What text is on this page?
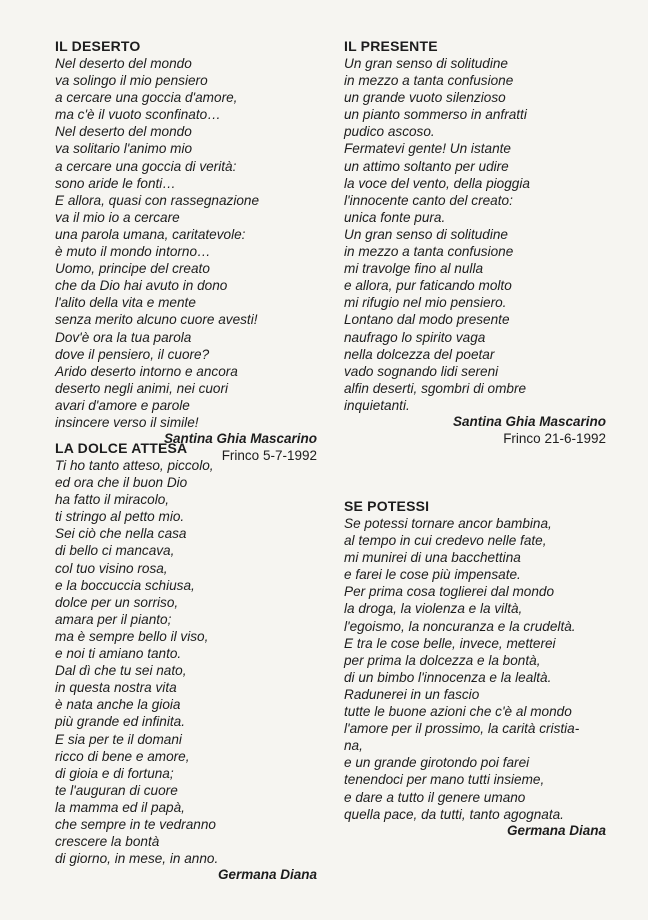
IL DESERTO
Nel deserto del mondo
va solingo il mio pensiero
a cercare una goccia d'amore,
ma c'è il vuoto sconfinato…
Nel deserto del mondo
va solitario l'animo mio
a cercare una goccia di verità:
sono aride le fonti…
E allora, quasi con rassegnazione
va il mio io a cercare
una parola umana, caritatevole:
è muto il mondo intorno…
Uomo, principe del creato
che da Dio hai avuto in dono
l'alito della vita e mente
senza merito alcuno cuore avesti!
Dov'è ora la tua parola
dove il pensiero, il cuore?
Arido deserto intorno e ancora
deserto negli animi, nei cuori
avari d'amore e parole
insincere verso il simile!
Santina Ghia Mascarino
Frinco 5-7-1992
LA DOLCE ATTESA
Ti ho tanto atteso, piccolo,
ed ora che il buon Dio
ha fatto il miracolo,
ti stringo al petto mio.
Sei ciò che nella casa
di bello ci mancava,
col tuo visino rosa,
e la boccuccia schiusa,
dolce per un sorriso,
amara per il pianto;
ma è sempre bello il viso,
e noi ti amiano tanto.
Dal dì che tu sei nato,
in questa nostra vita
è nata anche la gioia
più grande ed infinita.
E sia per te il domani
ricco di bene e amore,
di gioia e di fortuna;
te l'auguran di cuore
la mamma ed il papà,
che sempre in te vedranno
crescere la bontà
di giorno, in mese, in anno.
Germana Diana
IL PRESENTE
Un gran senso di solitudine
in mezzo a tanta confusione
un grande vuoto silenzioso
un pianto sommerso in anfratti
pudico ascoso.
Fermatevi gente! Un istante
un attimo soltanto per udire
la voce del vento, della pioggia
l'innocente canto del creato:
unica fonte pura.
Un gran senso di solitudine
in mezzo a tanta confusione
mi travolge fino al nulla
e allora, pur faticando molto
mi rifugio nel mio pensiero.
Lontano dal modo presente
naufrago lo spirito vaga
nella dolcezza del poetar
vado sognando lidi sereni
alfin deserti, sgombri di ombre
inquietanti.
Santina Ghia Mascarino
Frinco 21-6-1992
SE POTESSI
Se potessi tornare ancor bambina,
al tempo in cui credevo nelle fate,
mi munirei di una bacchettina
e farei le cose più impensate.
Per prima cosa toglierei dal mondo
la droga, la violenza e la viltà,
l'egoismo, la noncuranza e la crudeltà.
E tra le cose belle, invece, metterei
per prima la dolcezza e la bontà,
di un bimbo l'innocenza e la lealtà.
Radunerei in un fascio
tutte le buone azioni che c'è al mondo
l'amore per il prossimo, la carità cristia-
na,
e un grande girotondo poi farei
tenendoci per mano tutti insieme,
e dare a tutto il genere umano
quella pace, da tutti, tanto agognata.
Germana Diana
